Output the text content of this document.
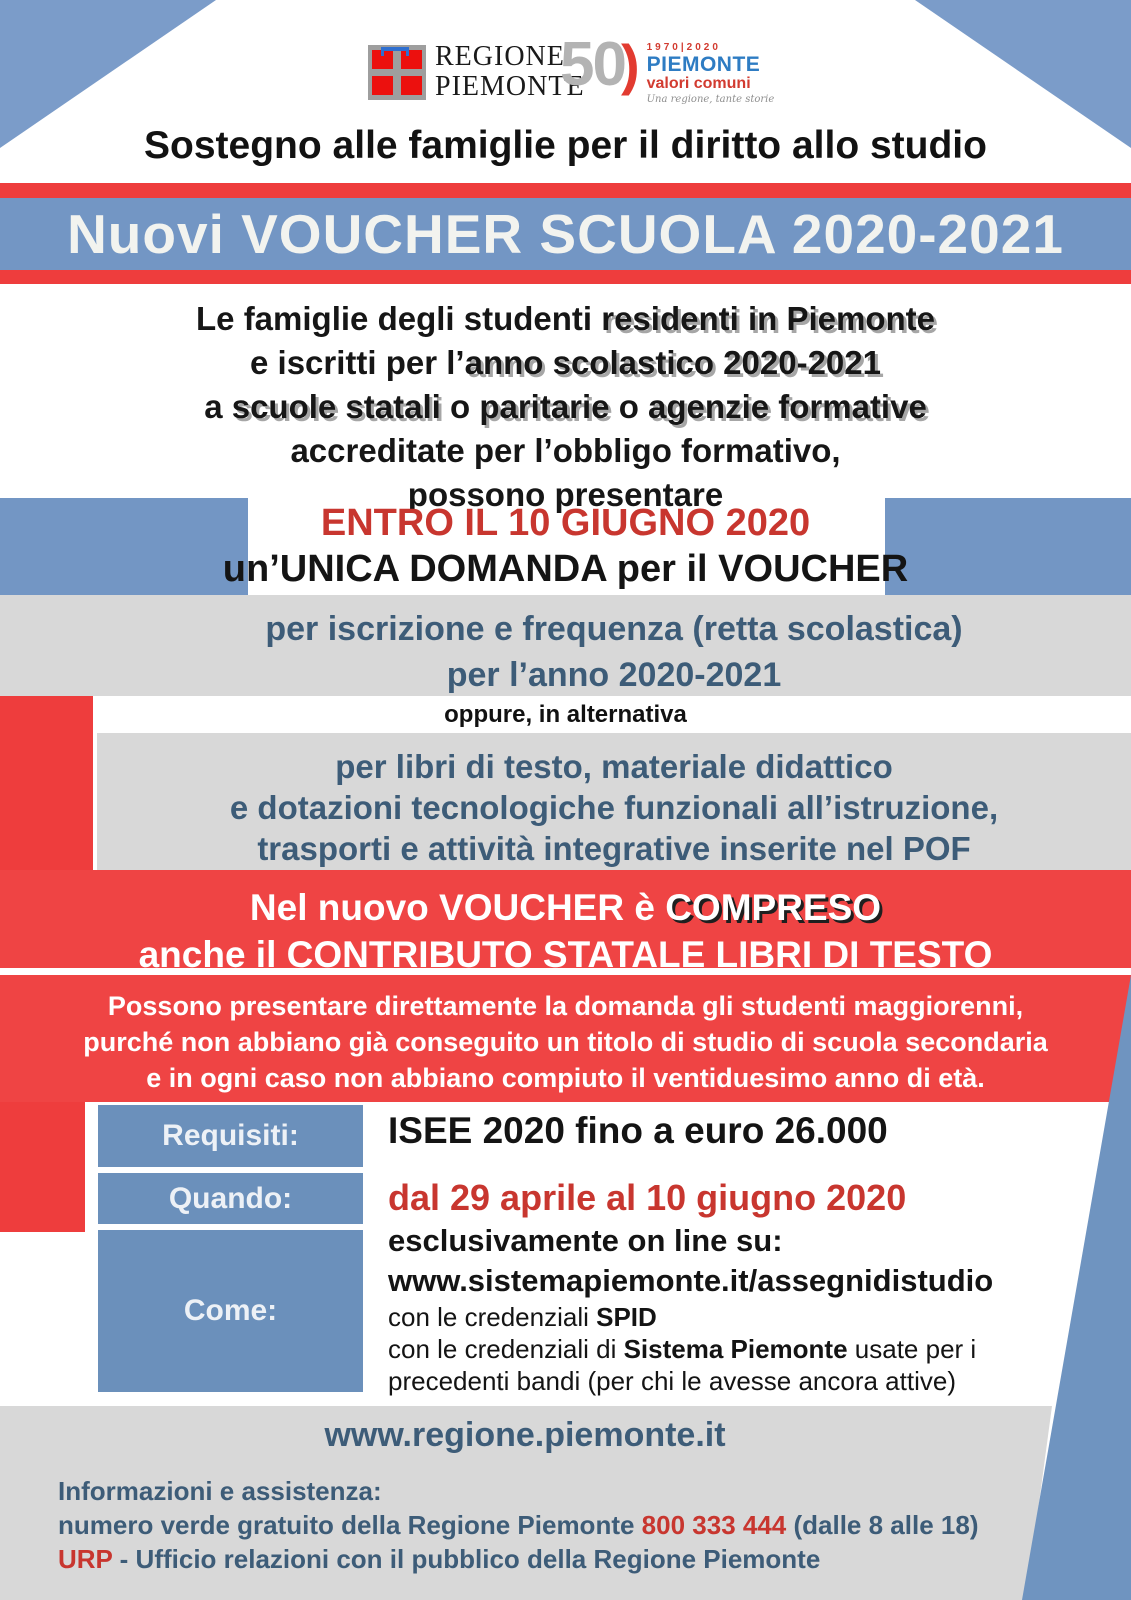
REGIONE
PIEMONTE
50
) 1970|2020
PIEMONTE
valori comuni
Una regione, tante storie
Sostegno alle famiglie per il diritto allo studio
Nuovi VOUCHER SCUOLA 2020-2021
Le famiglie degli studenti residenti in Piemonte
e iscritti per l’anno scolastico 2020-2021
a scuole statali o paritarie o agenzie formative
accreditate per l’obbligo formativo,
possono presentare
ENTRO IL 10 GIUGNO 2020
un’UNICA DOMANDA per il VOUCHER
per iscrizione e frequenza (retta scolastica)
per l’anno 2020-2021
oppure, in alternativa
per libri di testo, materiale didattico
e dotazioni tecnologiche funzionali all’istruzione,
trasporti e attività integrative inserite nel POF
Nel nuovo VOUCHER è COMPRESO
anche il CONTRIBUTO STATALE LIBRI DI TESTO
Possono presentare direttamente la domanda gli studenti maggiorenni,
purché non abbiano già conseguito un titolo di studio di scuola secondaria
e in ogni caso non abbiano compiuto il ventiduesimo anno di età.
Requisiti:	ISEE 2020 fino a euro 26.000
Quando:	dal 29 aprile al 10 giugno 2020
Come:
esclusivamente on line su:
www.sistemapiemonte.it/assegnidistudio
con le credenziali SPID
con le credenziali di Sistema Piemonte usate per i
precedenti bandi (per chi le avesse ancora attive)
www.regione.piemonte.it
Informazioni e assistenza:
numero verde gratuito della Regione Piemonte 800 333 444 (dalle 8 alle 18)
URP - Ufficio relazioni con il pubblico della Regione Piemonte
